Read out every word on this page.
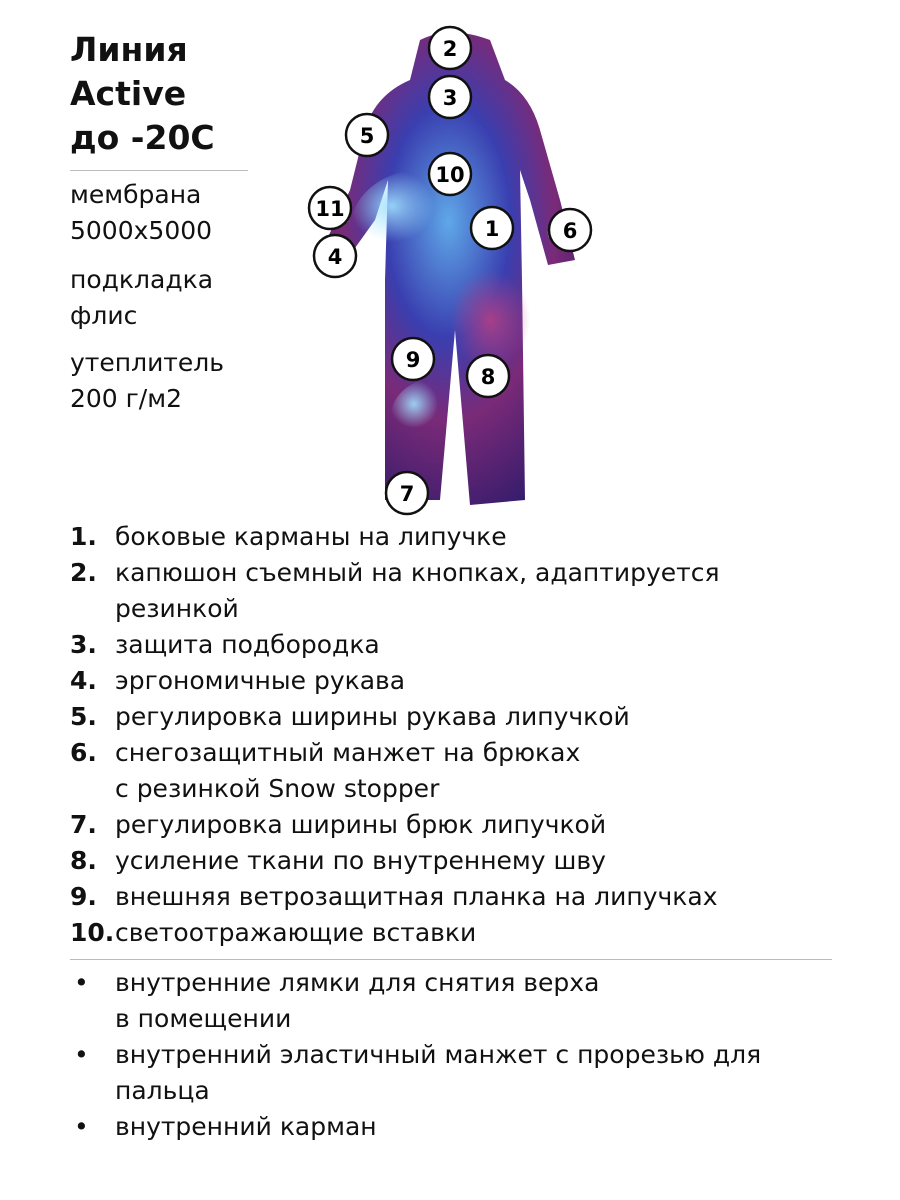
Линия
Active
до -20С
мембрана
5000х5000
подкладка
флис
утеплитель
200 г/м2
1
2
3
4
5
6
7
8
9
10
11
1. боковые карманы на липучке
2. капюшон съемный на кнопках, адаптируется
резинкой
3. защита подбородка
4. эргономичные рукава
5. регулировка ширины рукава липучкой
6. снегозащитный манжет на брюках
с резинкой Snow stopper
7. регулировка ширины брюк липучкой
8. усиление ткани по внутреннему шву
9. внешняя ветрозащитная планка на липучках
10. светоотражающие вставки
•	внутренние лямки для снятия верха
в помещении
•	внутренний эластичный манжет с прорезью для
пальца
•	внутренний карман
